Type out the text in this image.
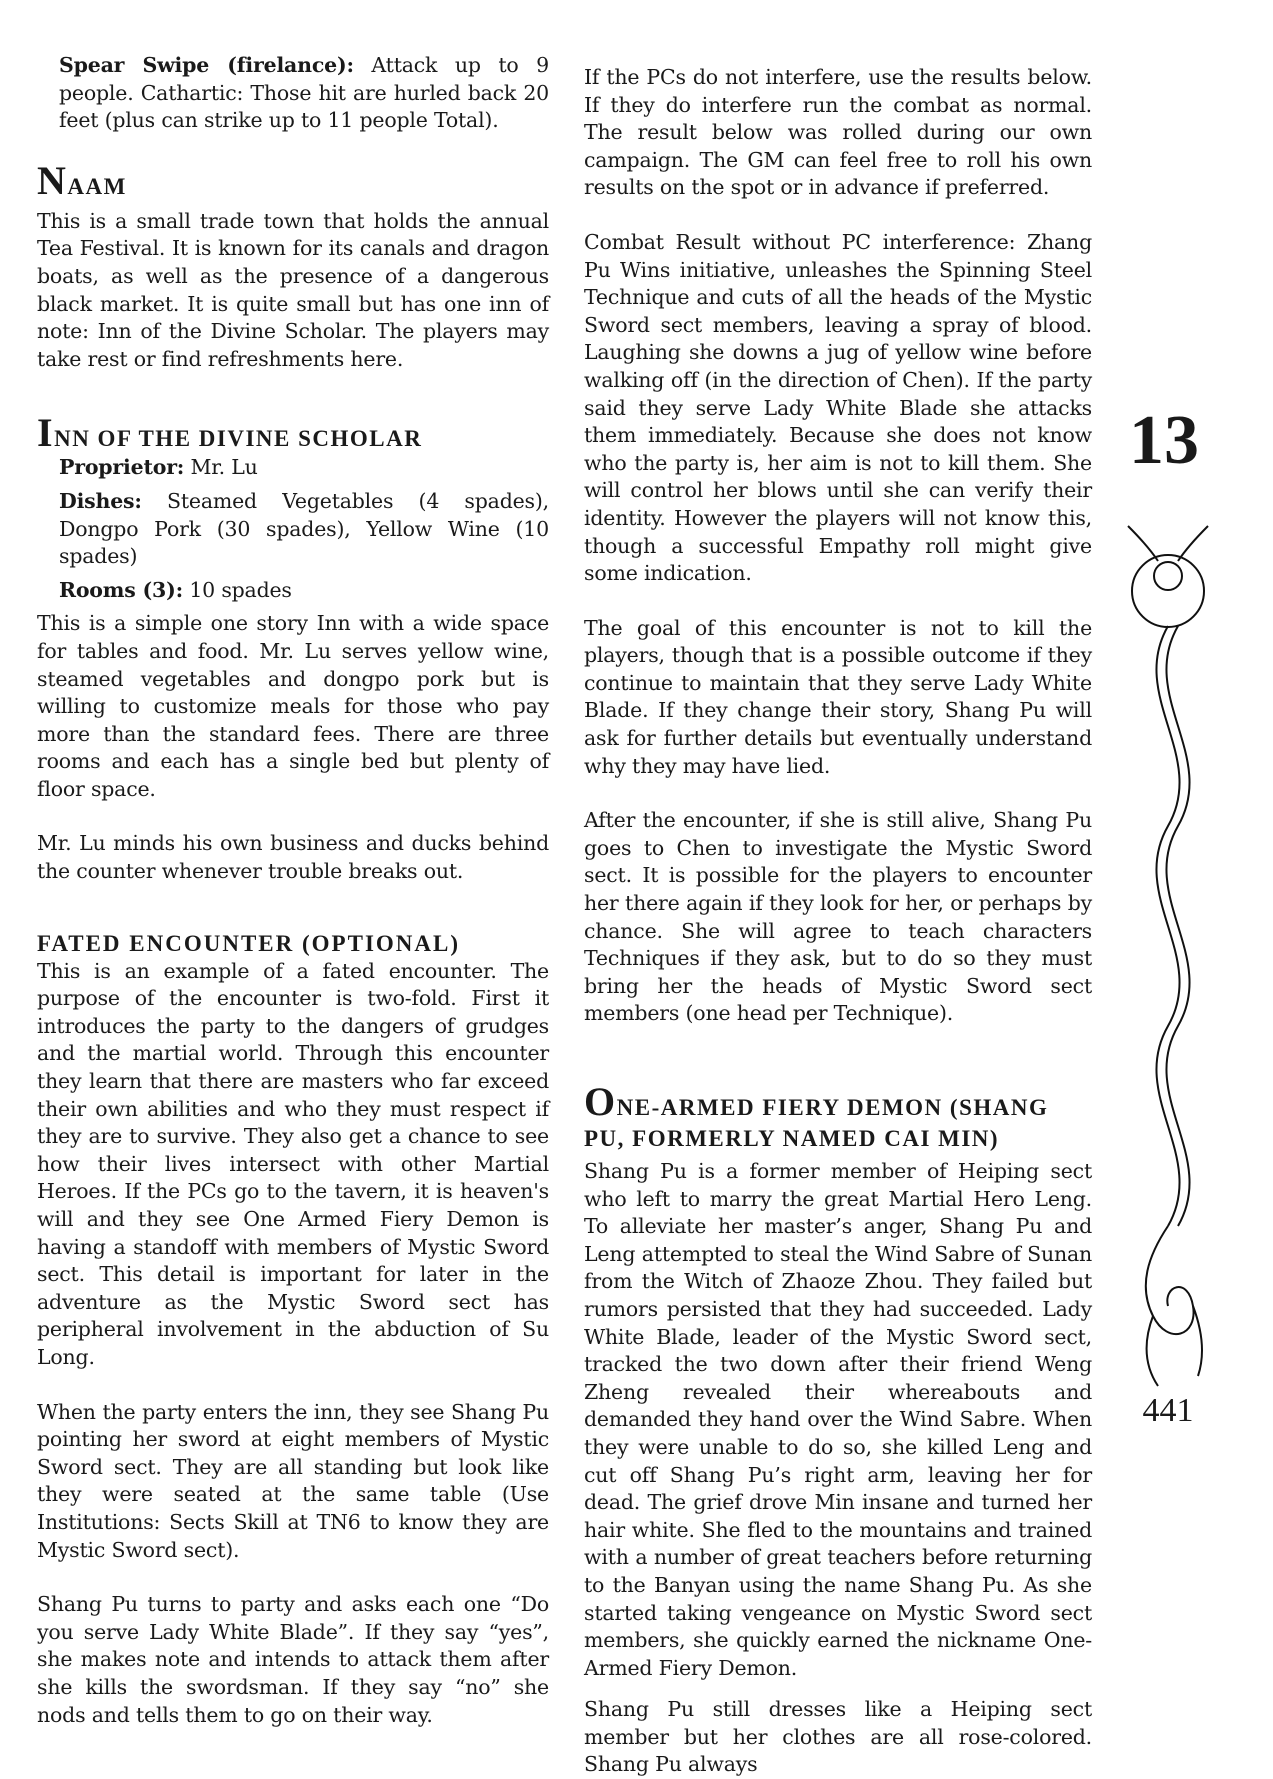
Spear Swipe (firelance): Attack up to 9 people. Cathartic: Those hit are hurled back 20 feet (plus can strike up to 11 people Total).

NAAM

This is a small trade town that holds the annual Tea Festival. It is known for its canals and dragon boats, as well as the presence of a dangerous black market. It is quite small but has one inn of note: Inn of the Divine Scholar. The players may take rest or find refreshments here.

INN OF THE DIVINE SCHOLAR

Proprietor: Mr. Lu

Dishes: Steamed Vegetables (4 spades), Dongpo Pork (30 spades), Yellow Wine (10 spades)

Rooms (3): 10 spades

This is a simple one story Inn with a wide space for tables and food. Mr. Lu serves yellow wine, steamed vegetables and dongpo pork but is willing to customize meals for those who pay more than the standard fees. There are three rooms and each has a single bed but plenty of floor space.

Mr. Lu minds his own business and ducks behind the counter whenever trouble breaks out.

FATED ENCOUNTER (OPTIONAL)

This is an example of a fated encounter. The purpose of the encounter is two-fold. First it introduces the party to the dangers of grudges and the martial world. Through this encounter they learn that there are masters who far exceed their own abilities and who they must respect if they are to survive. They also get a chance to see how their lives intersect with other Martial Heroes. If the PCs go to the tavern, it is heaven's will and they see One Armed Fiery Demon is having a standoff with members of Mystic Sword sect. This detail is important for later in the adventure as the Mystic Sword sect has peripheral involvement in the abduction of Su Long.

When the party enters the inn, they see Shang Pu pointing her sword at eight members of Mystic Sword sect. They are all standing but look like they were seated at the same table (Use Institutions: Sects Skill at TN6 to know they are Mystic Sword sect).

Shang Pu turns to party and asks each one “Do you serve Lady White Blade”. If they say “yes”, she makes note and intends to attack them after she kills the swordsman. If they say “no” she nods and tells them to go on their way.

If the PCs do not interfere, use the results below. If they do interfere run the combat as normal. The result below was rolled during our own campaign. The GM can feel free to roll his own results on the spot or in advance if preferred.

Combat Result without PC interference: Zhang Pu Wins initiative, unleashes the Spinning Steel Technique and cuts of all the heads of the Mystic Sword sect members, leaving a spray of blood. Laughing she downs a jug of yellow wine before walking off (in the direction of Chen). If the party said they serve Lady White Blade she attacks them immediately. Because she does not know who the party is, her aim is not to kill them. She will control her blows until she can verify their identity. However the players will not know this, though a successful Empathy roll might give some indication.

The goal of this encounter is not to kill the players, though that is a possible outcome if they continue to maintain that they serve Lady White Blade. If they change their story, Shang Pu will ask for further details but eventually understand why they may have lied.

After the encounter, if she is still alive, Shang Pu goes to Chen to investigate the Mystic Sword sect. It is possible for the players to encounter her there again if they look for her, or perhaps by chance. She will agree to teach characters Techniques if they ask, but to do so they must bring her the heads of Mystic Sword sect members (one head per Technique).

ONE-ARMED FIERY DEMON (SHANG PU, FORMERLY NAMED CAI MIN)

Shang Pu is a former member of Heiping sect who left to marry the great Martial Hero Leng. To alleviate her master’s anger, Shang Pu and Leng attempted to steal the Wind Sabre of Sunan from the Witch of Zhaoze Zhou. They failed but rumors persisted that they had succeeded. Lady White Blade, leader of the Mystic Sword sect, tracked the two down after their friend Weng Zheng revealed their whereabouts and demanded they hand over the Wind Sabre. When they were unable to do so, she killed Leng and cut off Shang Pu’s right arm, leaving her for dead. The grief drove Min insane and turned her hair white. She fled to the mountains and trained with a number of great teachers before returning to the Banyan using the name Shang Pu. As she started taking vengeance on Mystic Sword sect members, she quickly earned the nickname One-Armed Fiery Demon.

Shang Pu still dresses like a Heiping sect member but her clothes are all rose-colored. Shang Pu always

13
441
